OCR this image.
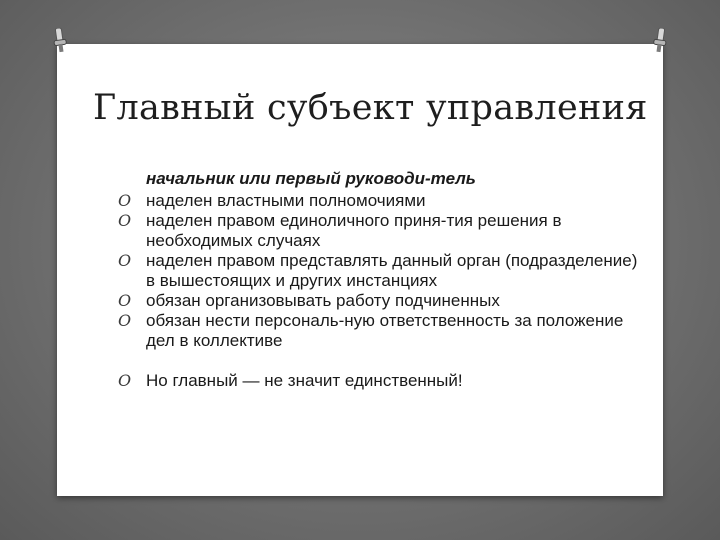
Главный субъект управления
начальник или первый руководи-тель
O наделен властными полномочиями
O наделен правом единоличного приня-тия решения в необходимых случаях
O наделен правом представлять данный орган (подразделение) в вышестоящих и других инстанциях
O обязан организовывать работу подчиненных
O обязан нести персональ-ную ответственность за положение дел в коллективе
O Но главный — не значит единственный!
